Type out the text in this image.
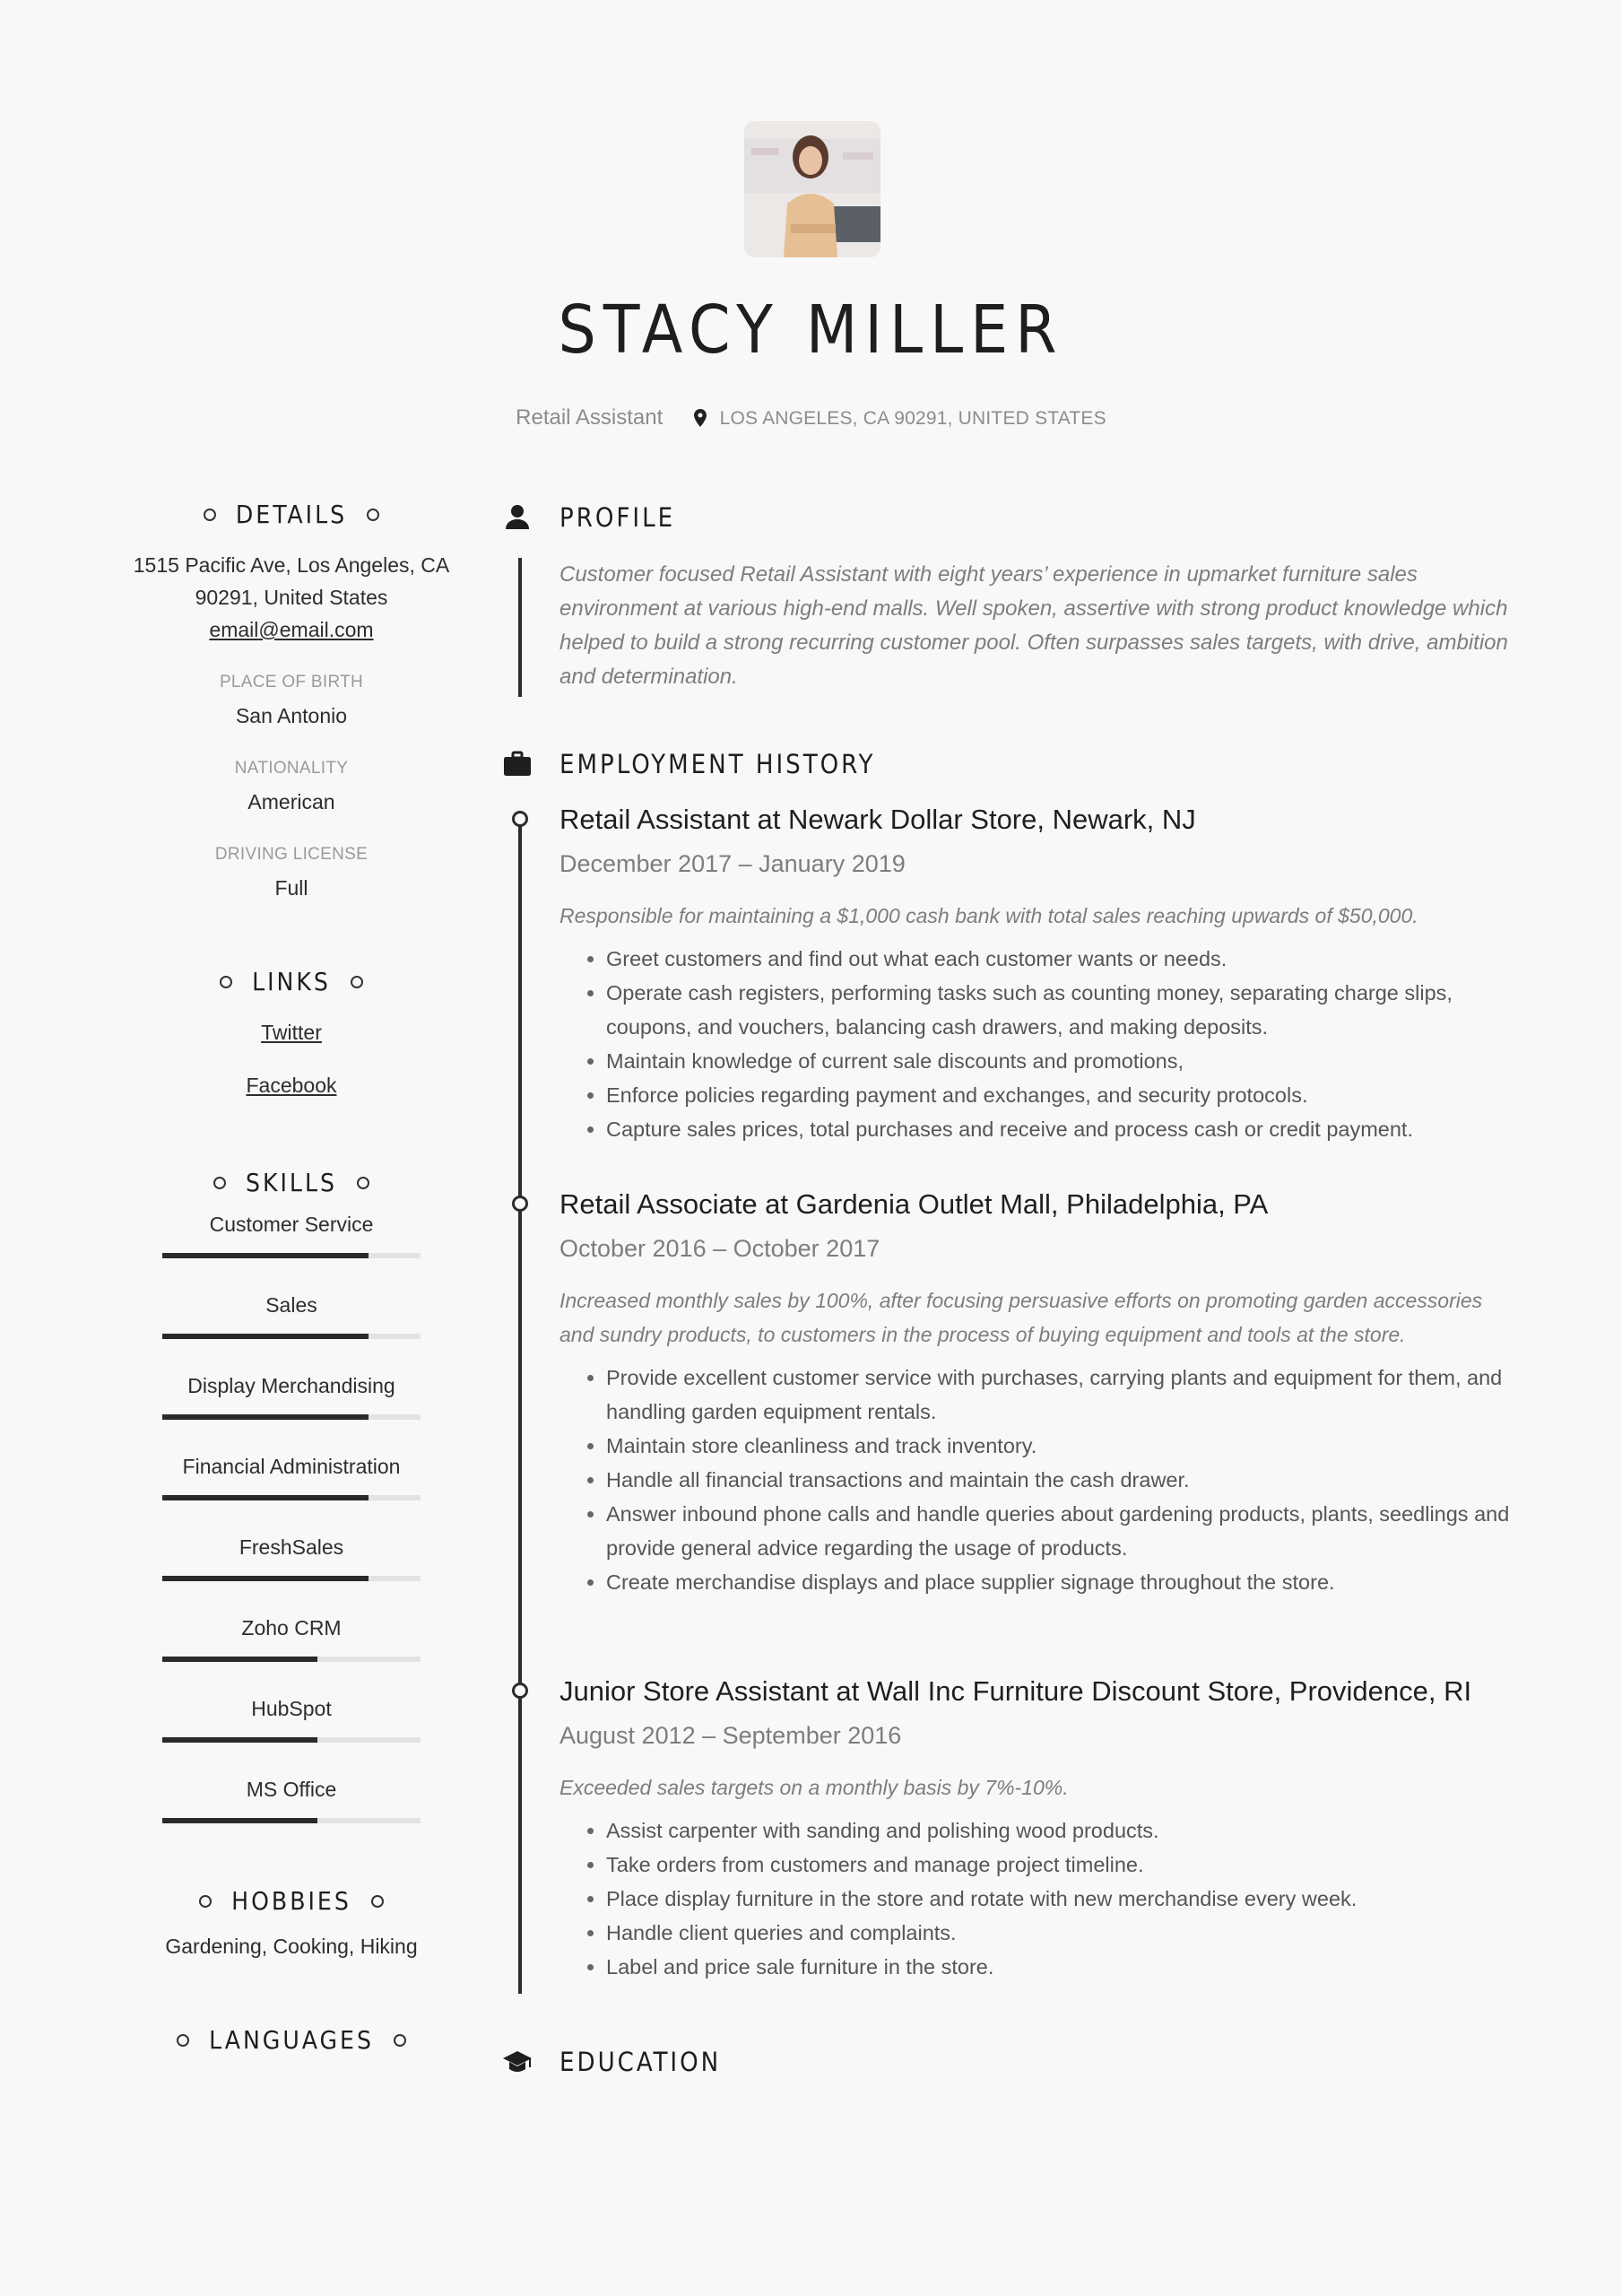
STACY MILLER
Retail Assistant	LOS ANGELES, CA 90291, UNITED STATES
DETAILS
1515 Pacific Ave, Los Angeles, CA
90291, United States
email@email.com
PLACE OF BIRTH
San Antonio
NATIONALITY
American
DRIVING LICENSE
Full
LINKS
Twitter
Facebook
SKILLS
Customer Service
Sales
Display Merchandising
Financial Administration
FreshSales
Zoho CRM
HubSpot
MS Office
HOBBIES
Gardening, Cooking, Hiking
LANGUAGES
PROFILE
Customer focused Retail Assistant with eight years’ experience in upmarket furniture sales environment at various high-end malls. Well spoken, assertive with strong product knowledge which helped to build a strong recurring customer pool. Often surpasses sales targets, with drive, ambition and determination.
EMPLOYMENT HISTORY
Retail Assistant at Newark Dollar Store, Newark, NJ
December 2017 – January 2019
Responsible for maintaining a $1,000 cash bank with total sales reaching upwards of $50,000.
• Greet customers and find out what each customer wants or needs.
• Operate cash registers, performing tasks such as counting money, separating charge slips, coupons, and vouchers, balancing cash drawers, and making deposits.
• Maintain knowledge of current sale discounts and promotions,
• Enforce policies regarding payment and exchanges, and security protocols.
• Capture sales prices, total purchases and receive and process cash or credit payment.
Retail Associate at Gardenia Outlet Mall, Philadelphia, PA
October 2016 – October 2017
Increased monthly sales by 100%, after focusing persuasive efforts on promoting garden accessories and sundry products, to customers in the process of buying equipment and tools at the store.
• Provide excellent customer service with purchases, carrying plants and equipment for them, and handling garden equipment rentals.
• Maintain store cleanliness and track inventory.
• Handle all financial transactions and maintain the cash drawer.
• Answer inbound phone calls and handle queries about gardening products, plants, seedlings and provide general advice regarding the usage of products.
• Create merchandise displays and place supplier signage throughout the store.
Junior Store Assistant at Wall Inc Furniture Discount Store, Providence, RI
August 2012 – September 2016
Exceeded sales targets on a monthly basis by 7%-10%.
• Assist carpenter with sanding and polishing wood products.
• Take orders from customers and manage project timeline.
• Place display furniture in the store and rotate with new merchandise every week.
• Handle client queries and complaints.
• Label and price sale furniture in the store.
EDUCATION
